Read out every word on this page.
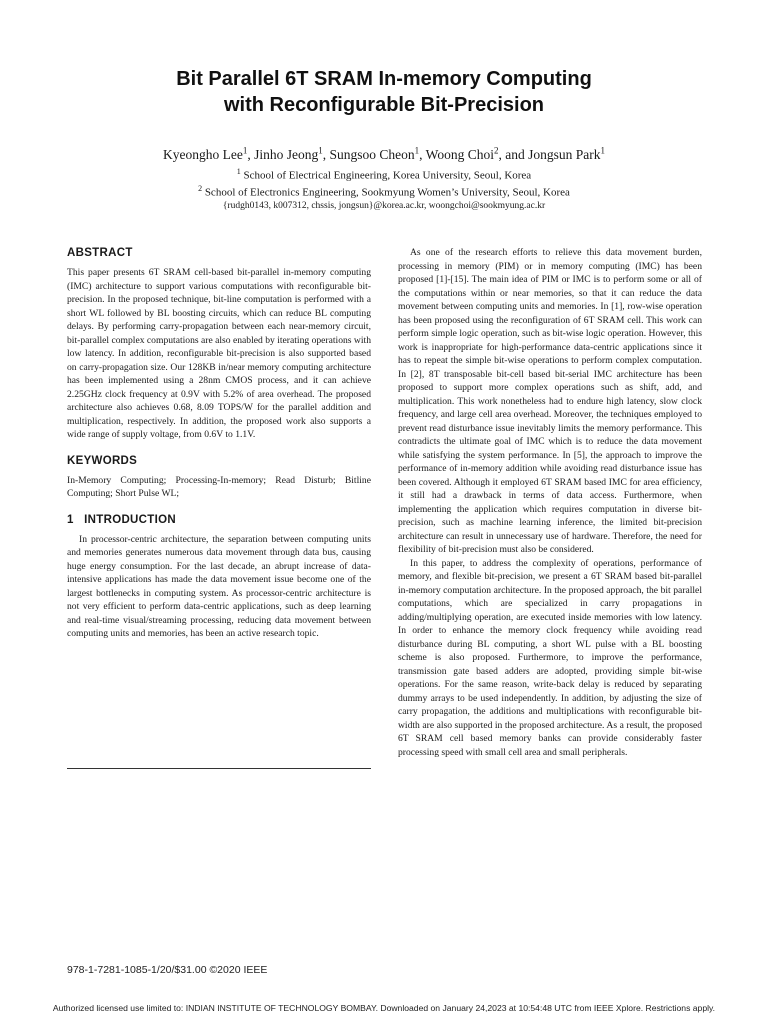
Bit Parallel 6T SRAM In-memory Computing
with Reconfigurable Bit-Precision
Kyeongho Lee$^1$, Jinho Jeong$^1$, Sungsoo Cheon$^1$, Woong Choi$^2$, and Jongsun Park$^1$
$^1$ School of Electrical Engineering, Korea University, Seoul, Korea
$^2$ School of Electronics Engineering, Sookmyung Women’s University, Seoul, Korea
{rudgh0143, k007312, chssis, jongsun}@korea.ac.kr, woongchoi@sookmyung.ac.kr
ABSTRACT

This paper presents 6T SRAM cell-based bit-parallel in-memory computing (IMC) architecture to support various computations with reconfigurable bit-precision. In the proposed technique, bit-line computation is performed with a short WL followed by BL boosting circuits, which can reduce BL computing delays. By performing carry-propagation between each near-memory circuit, bit-parallel complex computations are also enabled by iterating operations with low latency. In addition, reconfigurable bit-precision is also supported based on carry-propagation size. Our 128KB in/near memory computing architecture has been implemented using a 28nm CMOS process, and it can achieve 2.25GHz clock frequency at 0.9V with 5.2% of area overhead. The proposed architecture also achieves 0.68, 8.09 TOPS/W for the parallel addition and multiplication, respectively. In addition, the proposed work also supports a wide range of supply voltage, from 0.6V to 1.1V.

KEYWORDS

In-Memory Computing; Processing-In-memory; Read Disturb; Bitline Computing; Short Pulse WL;

1   INTRODUCTION

In processor-centric architecture, the separation between computing units and memories generates numerous data movement through data bus, causing huge energy consumption. For the last decade, an abrupt increase of data-intensive applications has made the data movement issue become one of the largest bottlenecks in computing system. As processor-centric architecture is not very efficient to perform data-centric applications, such as deep learning and real-time visual/streaming processing, reducing data movement between computing units and memories, has been an active research topic.

As one of the research efforts to relieve this data movement burden, processing in memory (PIM) or in memory computing (IMC) has been proposed [1]-[15]. The main idea of PIM or IMC is to perform some or all of the computations within or near memories, so that it can reduce the data movement between computing units and memories. In [1], row-wise operation has been proposed using the reconfiguration of 6T SRAM cell. This work can perform simple logic operation, such as bit-wise logic operation. However, this work is inappropriate for high-performance data-centric applications since it has to repeat the simple bit-wise operations to perform complex computation. In [2], 8T transposable bit-cell based bit-serial IMC architecture has been proposed to support more complex operations such as shift, add, and multiplication. This work nonetheless had to endure high latency, slow clock frequency, and large cell area overhead. Moreover, the techniques employed to prevent read disturbance issue inevitably limits the memory performance. This contradicts the ultimate goal of IMC which is to reduce the data movement while satisfying the system performance. In [5], the approach to improve the performance of in-memory addition while avoiding read disturbance issue has been covered. Although it employed 6T SRAM based IMC for area efficiency, it still had a drawback in terms of data access. Furthermore, when implementing the application which requires computation in diverse bit-precision, such as machine learning inference, the limited bit-precision architecture can result in unnecessary use of hardware. Therefore, the need for flexibility of bit-precision must also be considered.

In this paper, to address the complexity of operations, performance of memory, and flexible bit-precision, we present a 6T SRAM based bit-parallel in-memory computation architecture. In the proposed approach, the bit parallel computations, which are specialized in carry propagations in adding/multiplying operation, are executed inside memories with low latency. In order to enhance the memory clock frequency while avoiding read disturbance during BL computing, a short WL pulse with a BL boosting scheme is also proposed. Furthermore, to improve the performance, transmission gate based adders are adopted, providing simple bit-wise operations. For the same reason, write-back delay is reduced by separating dummy arrays to be used independently. In addition, by adjusting the size of carry propagation, the additions and multiplications with reconfigurable bit-width are also supported in the proposed architecture. As a result, the proposed 6T SRAM cell based memory banks can provide considerably faster processing speed with small cell area and small peripherals.

978-1-7281-1085-1/20/$31.00 ©2020 IEEE
Authorized licensed use limited to: INDIAN INSTITUTE OF TECHNOLOGY BOMBAY. Downloaded on January 24,2023 at 10:54:48 UTC from IEEE Xplore. Restrictions apply.
